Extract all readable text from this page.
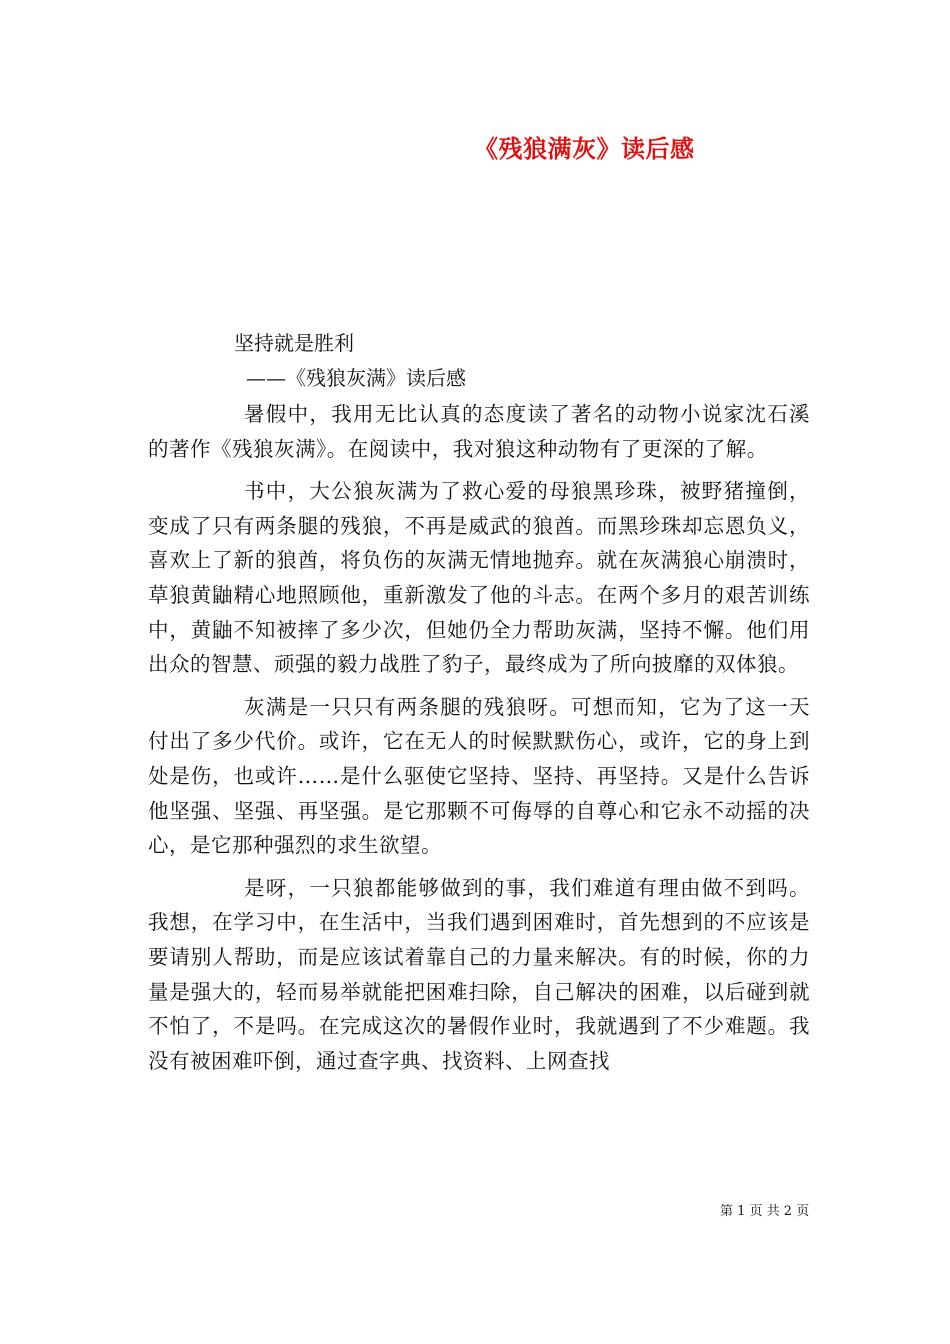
《残狼满灰》读后感
坚持就是胜利
——《残狼灰满》读后感

暑假中，我用无比认真的态度读了著名的动物小说家沈石溪的著作《残狼灰满》。在阅读中，我对狼这种动物有了更深的了解。

书中，大公狼灰满为了救心爱的母狼黑珍珠，被野猪撞倒，变成了只有两条腿的残狼，不再是威武的狼酋。而黑珍珠却忘恩负义，喜欢上了新的狼酋，将负伤的灰满无情地抛弃。就在灰满狼心崩溃时，草狼黄鼬精心地照顾他，重新激发了他的斗志。在两个多月的艰苦训练中，黄鼬不知被摔了多少次，但她仍全力帮助灰满，坚持不懈。他们用出众的智慧、顽强的毅力战胜了豹子，最终成为了所向披靡的双体狼。

灰满是一只只有两条腿的残狼呀。可想而知，它为了这一天付出了多少代价。或许，它在无人的时候默默伤心，或许，它的身上到处是伤，也或许……是什么驱使它坚持、坚持、再坚持。又是什么告诉他坚强、坚强、再坚强。是它那颗不可侮辱的自尊心和它永不动摇的决心，是它那种强烈的求生欲望。

是呀，一只狼都能够做到的事，我们难道有理由做不到吗。我想，在学习中，在生活中，当我们遇到困难时，首先想到的不应该是要请别人帮助，而是应该试着靠自己的力量来解决。有的时候，你的力量是强大的，轻而易举就能把困难扫除，自己解决的困难，以后碰到就不怕了，不是吗。在完成这次的暑假作业时，我就遇到了不少难题。我没有被困难吓倒，通过查字典、找资料、上网查找

第 1 页 共 2 页
